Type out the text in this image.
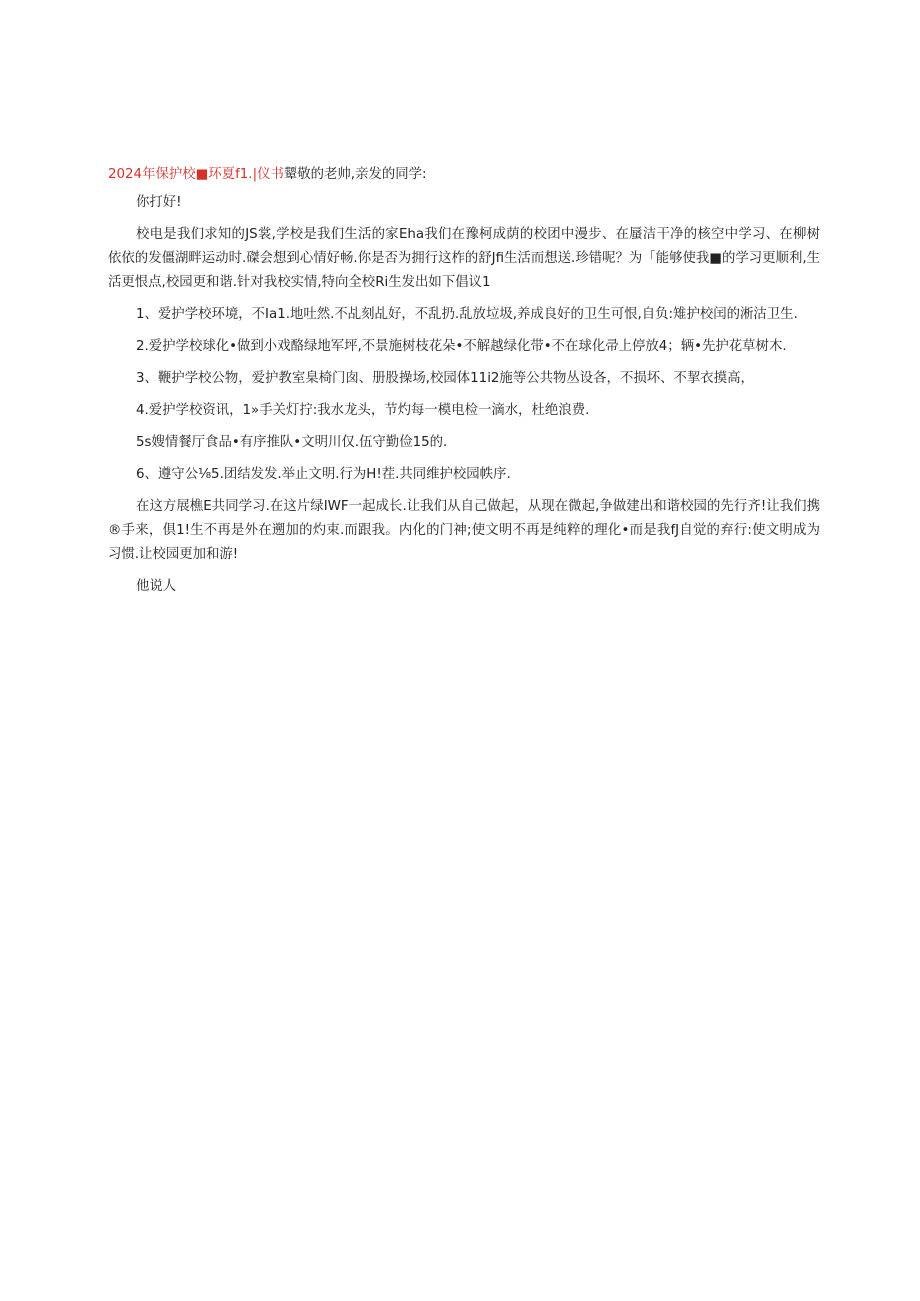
2024年保护校■环夏f1.|仪书颦敬的老帅,亲发的同学:

你打好!

校电是我们求知的JS裳,学校是我们生活的家Eha我们在豫柯成荫的校团中漫步、在蜃洁干净的核空中学习、在柳树依依的发僵湖畔运动时.磔会想到心情好畅.你是否为拥行这柞的舒Jfi生活而想送.珍错呢？为「能够使我■的学习更顺利,生活更恨点,校园更和谐.针对我校实情,特向全校Ri生发出如下倡议1

1、爱护学校环境，不Ia1.地吐然.不乩刻乩好，不乱扔.乱放垃圾,养成良好的卫生可恨,自负:雉护校闰的淅沽卫生.

2.爱护学校球化•做到小戏酪绿地军坪,不景施树枝花朵•不解越绿化带•不在球化帚上停放4；辆•先护花草树木.

3、鞭护学校公物，爱护教室臬椅门囱、册股操场,校园体11i2施等公共物丛设各，不损坏、不挈衣摸高，

4.爱护学校资讯，1»手关灯拧:我水龙头，节灼每一模电检一滴水，杜绝浪费.

5s嫂情餐厅食品•有序推队•文明川仅.伍守勤俭15的.

6、遵守公⅛5.团结发发.举止文明.行为H!茬.共同维护校园帙序.

在这方展樵E共同学习.在这片绿IWF一起成长.让我们从自己做起，从现在微起,争做建出和谐校园的先行齐!让我们携®手来，倶1!生不再是外在遡加的灼束.而跟我。内化的门神;使文明不再是纯粹的理化•而是我fJ自觉的弃行:使文明成为习惯.让校园更加和游!

他说人
